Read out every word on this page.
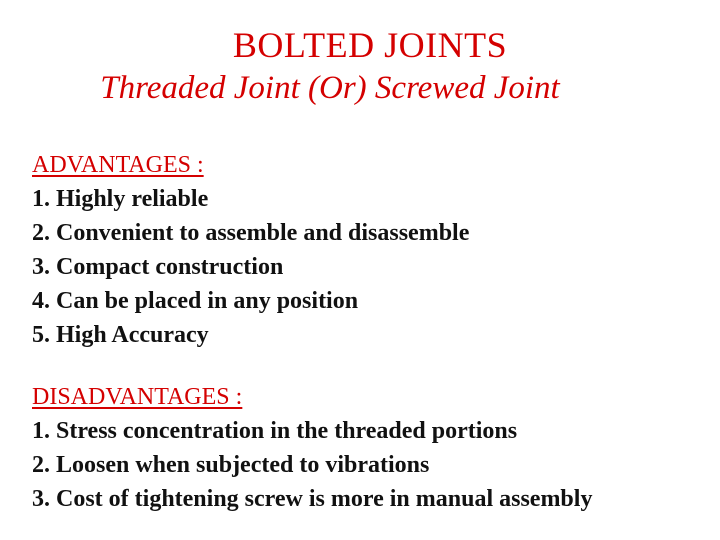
BOLTED JOINTS
Threaded Joint (Or) Screwed Joint
ADVANTAGES :
1. Highly reliable
2. Convenient to assemble and disassemble
3. Compact construction
4. Can be placed in any position
5. High Accuracy
DISADVANTAGES :
1. Stress concentration in the threaded portions
2. Loosen when subjected to vibrations
3. Cost of tightening screw is more in manual assembly
